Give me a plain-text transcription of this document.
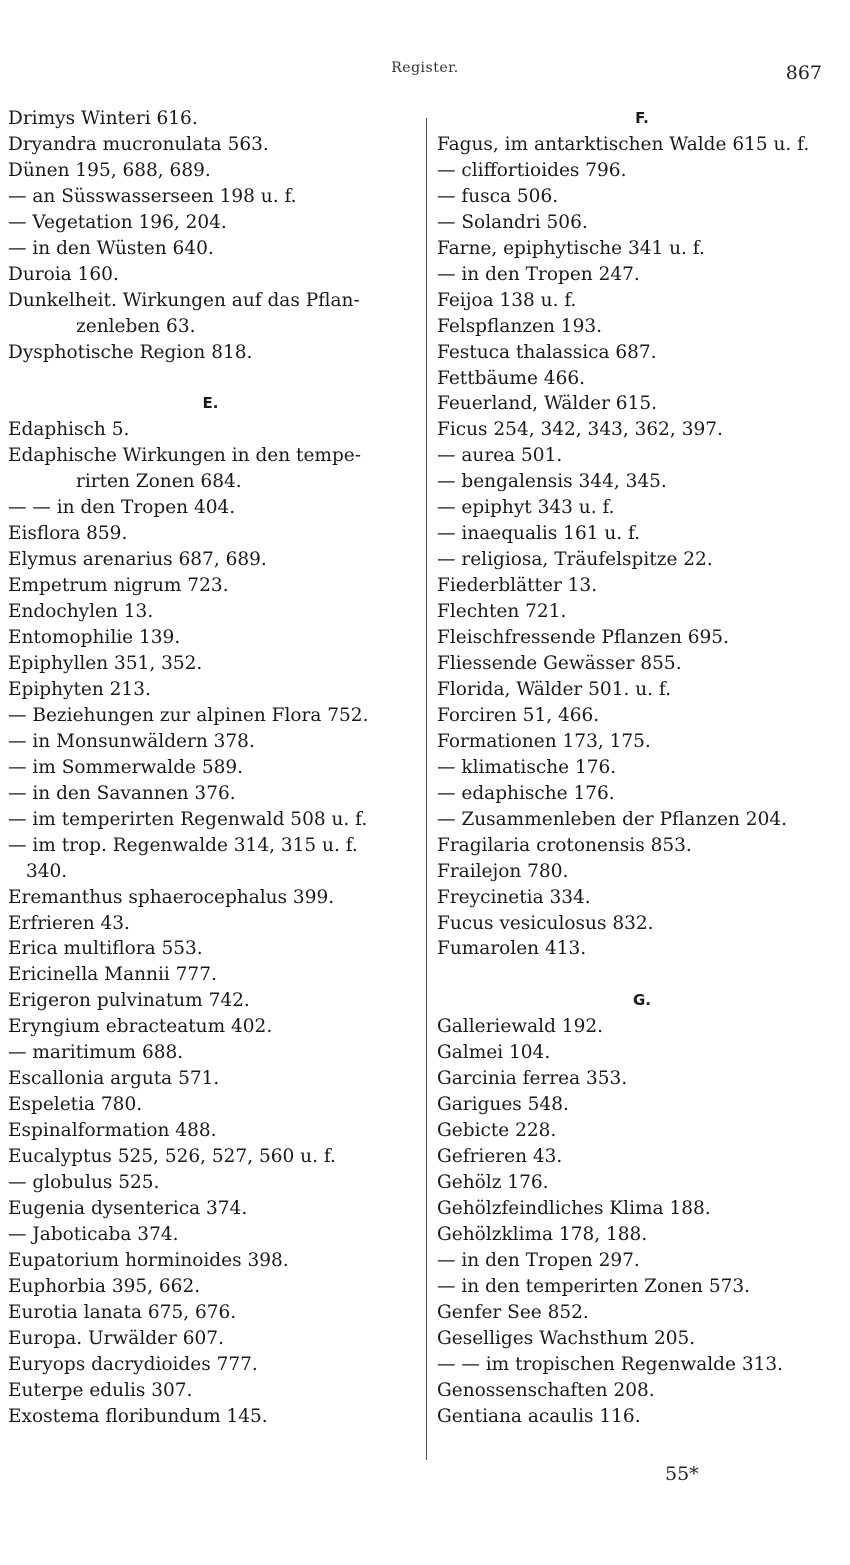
Register.	867
Drimys Winteri 616.
Dryandra mucronulata 563.
Dünen 195, 688, 689.
— an Süsswasserseen 198 u. f.
— Vegetation 196, 204.
— in den Wüsten 640.
Duroia 160.
Dunkelheit. Wirkungen auf das Pflan-
zenleben 63.
Dysphotische Region 818.
E.
Edaphisch 5.
Edaphische Wirkungen in den tempe-
rirten Zonen 684.
— — in den Tropen 404.
Eisflora 859.
Elymus arenarius 687, 689.
Empetrum nigrum 723.
Endochylen 13.
Entomophilie 139.
Epiphyllen 351, 352.
Epiphyten 213.
— Beziehungen zur alpinen Flora 752.
— in Monsunwäldern 378.
— im Sommerwalde 589.
— in den Savannen 376.
— im temperirten Regenwald 508 u. f.
— im trop. Regenwalde 314, 315 u. f.
340.
Eremanthus sphaerocephalus 399.
Erfrieren 43.
Erica multiflora 553.
Ericinella Mannii 777.
Erigeron pulvinatum 742.
Eryngium ebracteatum 402.
— maritimum 688.
Escallonia arguta 571.
Espeletia 780.
Espinalformation 488.
Eucalyptus 525, 526, 527, 560 u. f.
— globulus 525.
Eugenia dysenterica 374.
— Jaboticaba 374.
Eupatorium horminoides 398.
Euphorbia 395, 662.
Eurotia lanata 675, 676.
Europa. Urwälder 607.
Euryops dacrydioides 777.
Euterpe edulis 307.
Exostema floribundum 145.
F.
Fagus, im antarktischen Walde 615 u. f.
— cliffortioides 796.
— fusca 506.
— Solandri 506.
Farne, epiphytische 341 u. f.
— in den Tropen 247.
Feijoa 138 u. f.
Felspflanzen 193.
Festuca thalassica 687.
Fettbäume 466.
Feuerland, Wälder 615.
Ficus 254, 342, 343, 362, 397.
— aurea 501.
— bengalensis 344, 345.
— epiphyt 343 u. f.
— inaequalis 161 u. f.
— religiosa, Träufelspitze 22.
Fiederblätter 13.
Flechten 721.
Fleischfressende Pflanzen 695.
Fliessende Gewässer 855.
Florida, Wälder 501. u. f.
Forciren 51, 466.
Formationen 173, 175.
— klimatische 176.
— edaphische 176.
— Zusammenleben der Pflanzen 204.
Fragilaria crotonensis 853.
Frailejon 780.
Freycinetia 334.
Fucus vesiculosus 832.
Fumarolen 413.
G.
Galleriewald 192.
Galmei 104.
Garcinia ferrea 353.
Garigues 548.
Gebicte 228.
Gefrieren 43.
Gehölz 176.
Gehölzfeindliches Klima 188.
Gehölzklima 178, 188.
— in den Tropen 297.
— in den temperirten Zonen 573.
Genfer See 852.
Geselliges Wachsthum 205.
— — im tropischen Regenwalde 313.
Genossenschaften 208.
Gentiana acaulis 116.
55*
